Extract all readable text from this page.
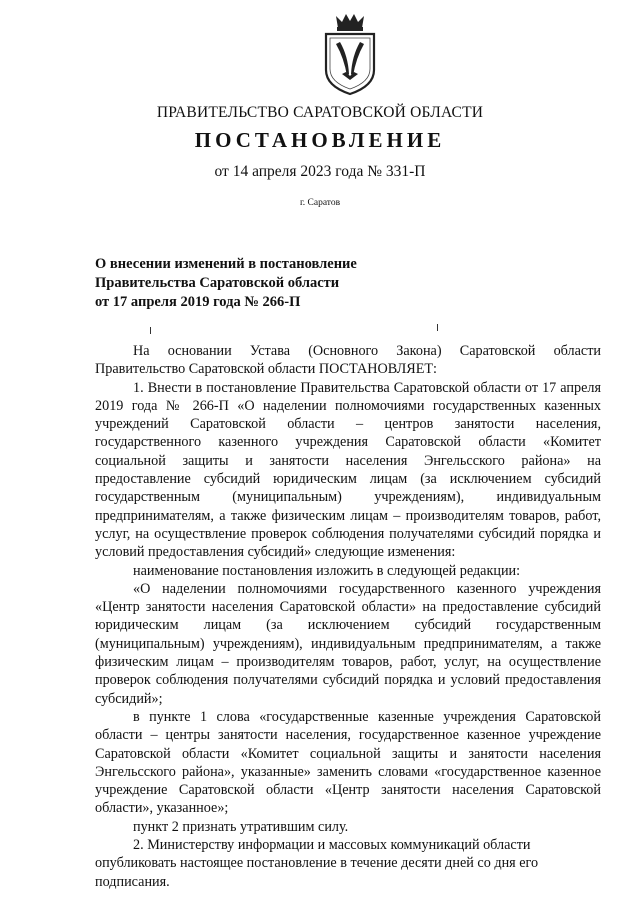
ПРАВИТЕЛЬСТВО САРАТОВСКОЙ ОБЛАСТИ
ПОСТАНОВЛЕНИЕ
от 14 апреля 2023 года № 331-П
г. Саратов
О внесении изменений в постановление
Правительства Саратовской области
от 17 апреля 2019 года № 266-П

На основании Устава (Основного Закона) Саратовской области Правительство Саратовской области ПОСТАНОВЛЯЕТ:

1. Внести в постановление Правительства Саратовской области от 17 апреля 2019 года № 266-П «О наделении полномочиями государственных казенных учреждений Саратовской области – центров занятости населения, государственного казенного учреждения Саратовской области «Комитет социальной защиты и занятости населения Энгельсского района» на предоставление субсидий юридическим лицам (за исключением субсидий государственным (муниципальным) учреждениям), индивидуальным предпринимателям, а также физическим лицам – производителям товаров, работ, услуг, на осуществление проверок соблюдения получателями субсидий порядка и условий предоставления субсидий» следующие изменения:

наименование постановления изложить в следующей редакции:

«О наделении полномочиями государственного казенного учреждения «Центр занятости населения Саратовской области» на предоставление субсидий юридическим лицам (за исключением субсидий государственным (муниципальным) учреждениям), индивидуальным предпринимателям, а также физическим лицам – производителям товаров, работ, услуг, на осуществление проверок соблюдения получателями субсидий порядка и условий предоставления субсидий»;

в пункте 1 слова «государственные казенные учреждения Саратовской области – центры занятости населения, государственное казенное учреждение Саратовской области «Комитет социальной защиты и занятости населения Энгельсского района», указанные» заменить словами «государственное казенное учреждение Саратовской области «Центр занятости населения Саратовской области», указанное»;

пункт 2 признать утратившим силу.

2. Министерству информации и массовых коммуникаций области опубликовать настоящее постановление в течение десяти дней со дня его подписания.
